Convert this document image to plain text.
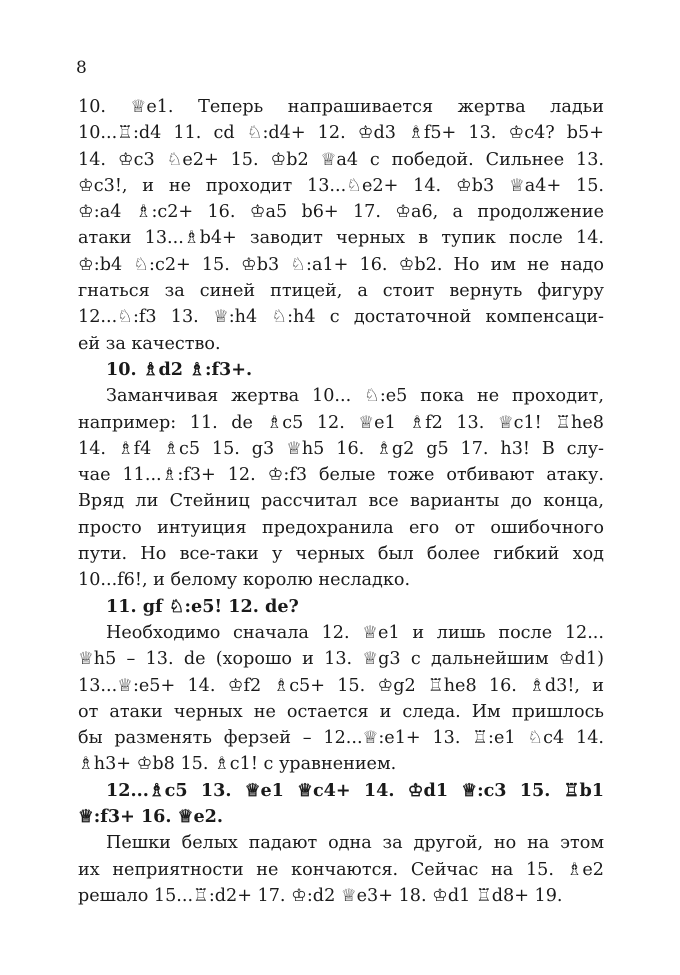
8
10. ♕e1. Теперь напрашивается жертва ладьи
10...♖:d4 11. cd ♘:d4+ 12. ♔d3 ♗f5+ 13. ♔c4? b5+
14. ♔c3 ♘e2+ 15. ♔b2 ♕a4 с победой. Сильнее 13.
♔c3!, и не проходит 13...♘e2+ 14. ♔b3 ♕a4+ 15.
♔:a4 ♗:c2+ 16. ♔a5 b6+ 17. ♔a6, а продолжение
атаки 13...♗b4+ заводит черных в тупик после 14.
♔:b4 ♘:c2+ 15. ♔b3 ♘:a1+ 16. ♔b2. Но им не надо
гнаться за синей птицей, а стоит вернуть фигуру
12...♘:f3 13. ♕:h4 ♘:h4 с достаточной компенсаци-
ей за качество.
10. ♗d2 ♗:f3+.
Заманчивая жертва 10... ♘:e5 пока не проходит,
например: 11. de ♗c5 12. ♕e1 ♗f2 13. ♕c1! ♖he8
14. ♗f4 ♗c5 15. g3 ♕h5 16. ♗g2 g5 17. h3! В слу-
чае 11...♗:f3+ 12. ♔:f3 белые тоже отбивают атаку.
Вряд ли Стейниц рассчитал все варианты до конца,
просто интуиция предохранила его от ошибочного
пути. Но все-таки у черных был более гибкий ход
10...f6!, и белому королю несладко.
11. gf ♘:e5! 12. de?
Необходимо сначала 12. ♕e1 и лишь после 12...
♕h5 – 13. de (хорошо и 13. ♕g3 с дальнейшим ♔d1)
13...♕:e5+ 14. ♔f2 ♗c5+ 15. ♔g2 ♖he8 16. ♗d3!, и
от атаки черных не остается и следа. Им пришлось
бы разменять ферзей – 12...♕:e1+ 13. ♖:e1 ♘c4 14.
♗h3+ ♔b8 15. ♗c1! с уравнением.
12...♗c5 13. ♕e1 ♕c4+ 14. ♔d1 ♕:c3 15. ♖b1
♕:f3+ 16. ♕e2.
Пешки белых падают одна за другой, но на этом
их неприятности не кончаются. Сейчас на 15. ♗e2
решало 15...♖:d2+ 17. ♔:d2 ♕e3+ 18. ♔d1 ♖d8+ 19.
